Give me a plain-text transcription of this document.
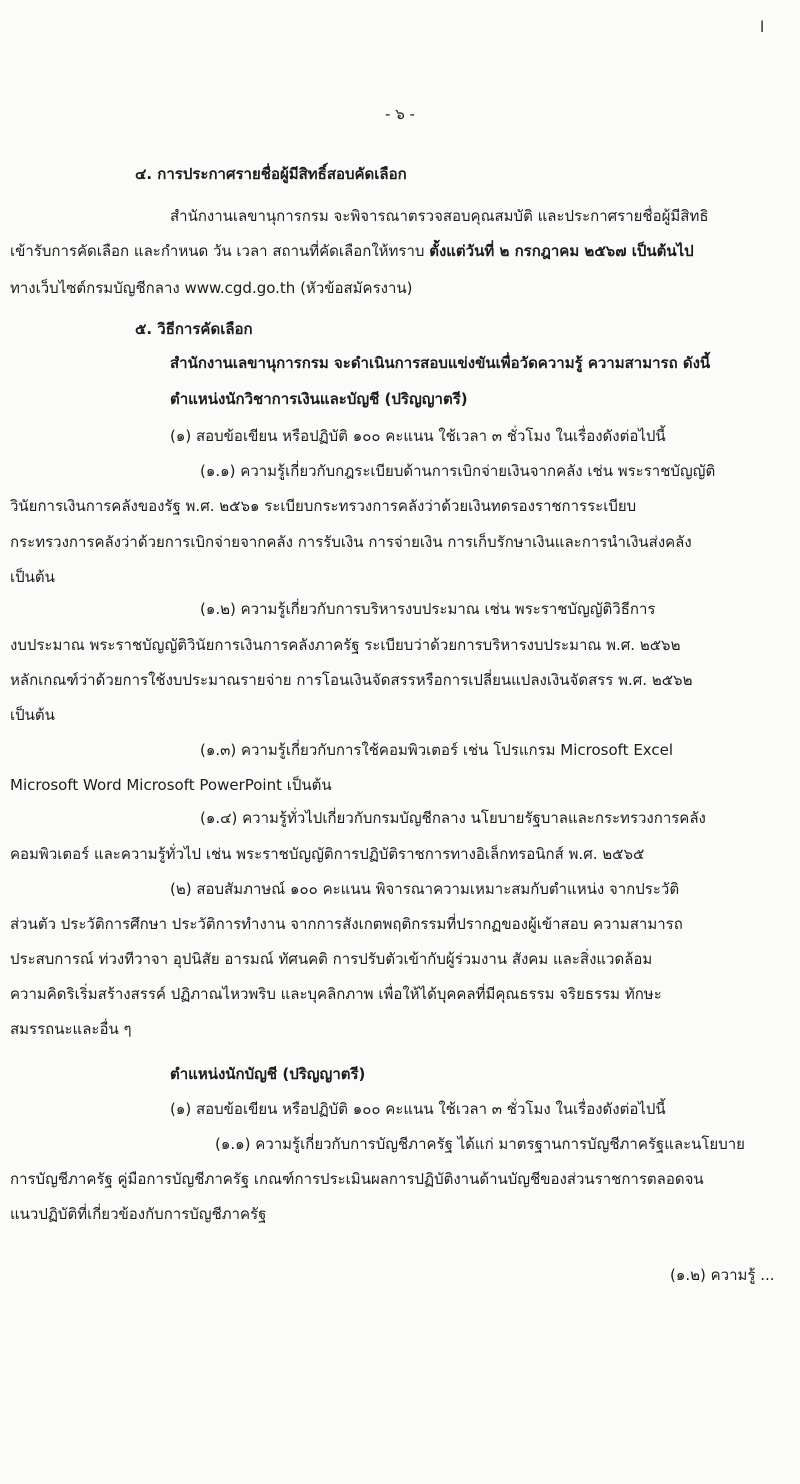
l
- ๖ -
๔. การประกาศรายชื่อผู้มีสิทธิ์สอบคัดเลือก
สำนักงานเลขานุการกรม จะพิจารณาตรวจสอบคุณสมบัติ และประกาศรายชื่อผู้มีสิทธิ
เข้ารับการคัดเลือก และกำหนด วัน เวลา สถานที่คัดเลือกให้ทราบ ตั้งแต่วันที่ ๒ กรกฎาคม ๒๕๖๗ เป็นต้นไป
ทางเว็บไซต์กรมบัญชีกลาง www.cgd.go.th (หัวข้อสมัครงาน)
๕. วิธีการคัดเลือก
สำนักงานเลขานุการกรม จะดำเนินการสอบแข่งขันเพื่อวัดความรู้ ความสามารถ ดังนี้
ตำแหน่งนักวิชาการเงินและบัญชี (ปริญญาตรี)
(๑) สอบข้อเขียน หรือปฏิบัติ ๑๐๐ คะแนน ใช้เวลา ๓ ชั่วโมง ในเรื่องดังต่อไปนี้
(๑.๑) ความรู้เกี่ยวกับกฎระเบียบด้านการเบิกจ่ายเงินจากคลัง เช่น พระราชบัญญัติ
วินัยการเงินการคลังของรัฐ พ.ศ. ๒๕๖๑ ระเบียบกระทรวงการคลังว่าด้วยเงินทดรองราชการระเบียบ
กระทรวงการคลังว่าด้วยการเบิกจ่ายจากคลัง การรับเงิน การจ่ายเงิน การเก็บรักษาเงินและการนำเงินส่งคลัง
เป็นต้น
(๑.๒) ความรู้เกี่ยวกับการบริหารงบประมาณ เช่น พระราชบัญญัติวิธีการ
งบประมาณ พระราชบัญญัติวินัยการเงินการคลังภาครัฐ ระเบียบว่าด้วยการบริหารงบประมาณ พ.ศ. ๒๕๖๒
หลักเกณฑ์ว่าด้วยการใช้งบประมาณรายจ่าย การโอนเงินจัดสรรหรือการเปลี่ยนแปลงเงินจัดสรร พ.ศ. ๒๕๖๒
เป็นต้น
(๑.๓) ความรู้เกี่ยวกับการใช้คอมพิวเตอร์ เช่น โปรแกรม Microsoft Excel
Microsoft Word Microsoft PowerPoint เป็นต้น
(๑.๔) ความรู้ทั่วไปเกี่ยวกับกรมบัญชีกลาง นโยบายรัฐบาลและกระทรวงการคลัง
คอมพิวเตอร์ และความรู้ทั่วไป เช่น พระราชบัญญัติการปฏิบัติราชการทางอิเล็กทรอนิกส์ พ.ศ. ๒๕๖๕
(๒) สอบสัมภาษณ์ ๑๐๐ คะแนน พิจารณาความเหมาะสมกับตำแหน่ง จากประวัติ
ส่วนตัว ประวัติการศึกษา ประวัติการทำงาน จากการสังเกตพฤติกรรมที่ปรากฏของผู้เข้าสอบ ความสามารถ
ประสบการณ์ ท่วงทีวาจา อุปนิสัย อารมณ์ ทัศนคติ การปรับตัวเข้ากับผู้ร่วมงาน สังคม และสิ่งแวดล้อม
ความคิดริเริ่มสร้างสรรค์ ปฏิภาณไหวพริบ และบุคลิกภาพ เพื่อให้ได้บุคคลที่มีคุณธรรม จริยธรรม ทักษะ
สมรรถนะและอื่น ๆ
ตำแหน่งนักบัญชี (ปริญญาตรี)
(๑) สอบข้อเขียน หรือปฏิบัติ ๑๐๐ คะแนน ใช้เวลา ๓ ชั่วโมง ในเรื่องดังต่อไปนี้
(๑.๑) ความรู้เกี่ยวกับการบัญชีภาครัฐ ได้แก่ มาตรฐานการบัญชีภาครัฐและนโยบาย
การบัญชีภาครัฐ คู่มือการบัญชีภาครัฐ เกณฑ์การประเมินผลการปฏิบัติงานด้านบัญชีของส่วนราชการตลอดจน
แนวปฏิบัติที่เกี่ยวข้องกับการบัญชีภาครัฐ
(๑.๒) ความรู้ ...
